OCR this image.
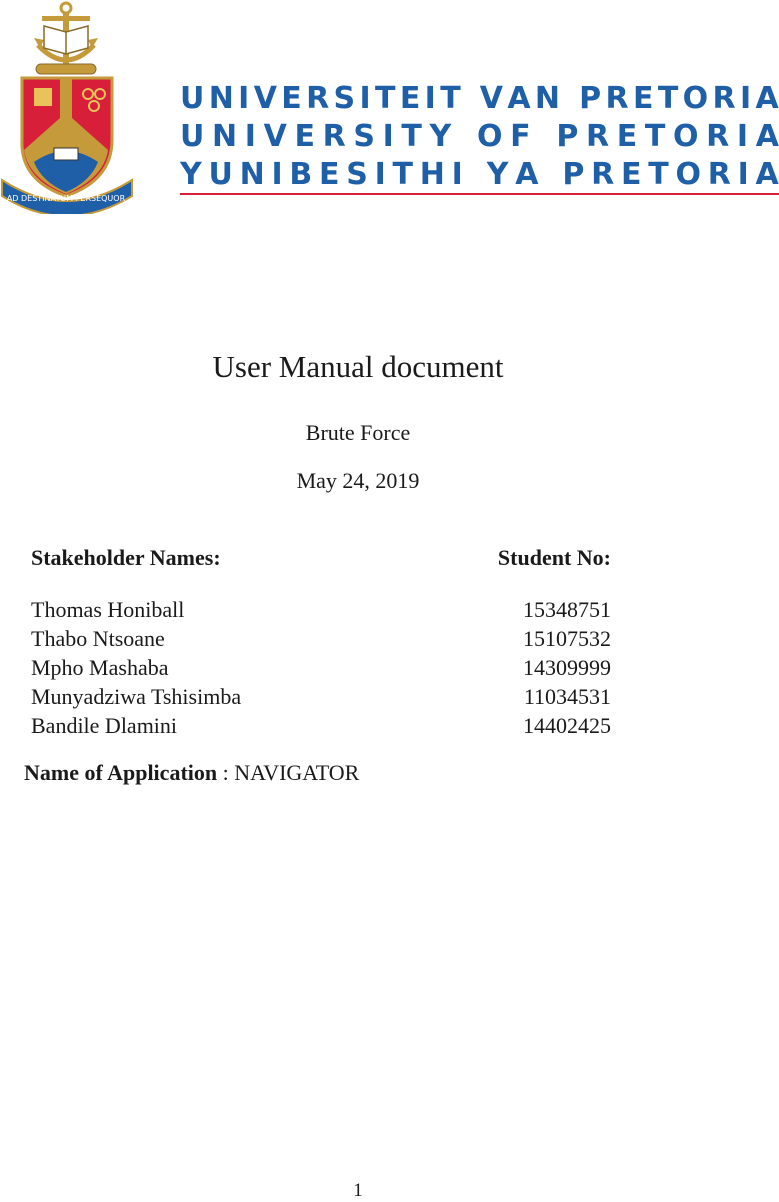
AD DESTINATUM PERSEQUOR
U N I V E R S I T E I T
V A N
P R E T O R I A
U N I V E R S I T Y
O F
P R E T O R I A
Y U N I B E S I T H I
Y A
P R E T O R I A
User Manual document
Brute Force
May 24, 2019
Stakeholder Names:	Student No:
Thomas Honiball	15348751
Thabo Ntsoane	15107532
Mpho Mashaba	14309999
Munyadziwa Tshisimba	11034531
Bandile Dlamini	14402425
Name of Application : NAVIGATOR
1
